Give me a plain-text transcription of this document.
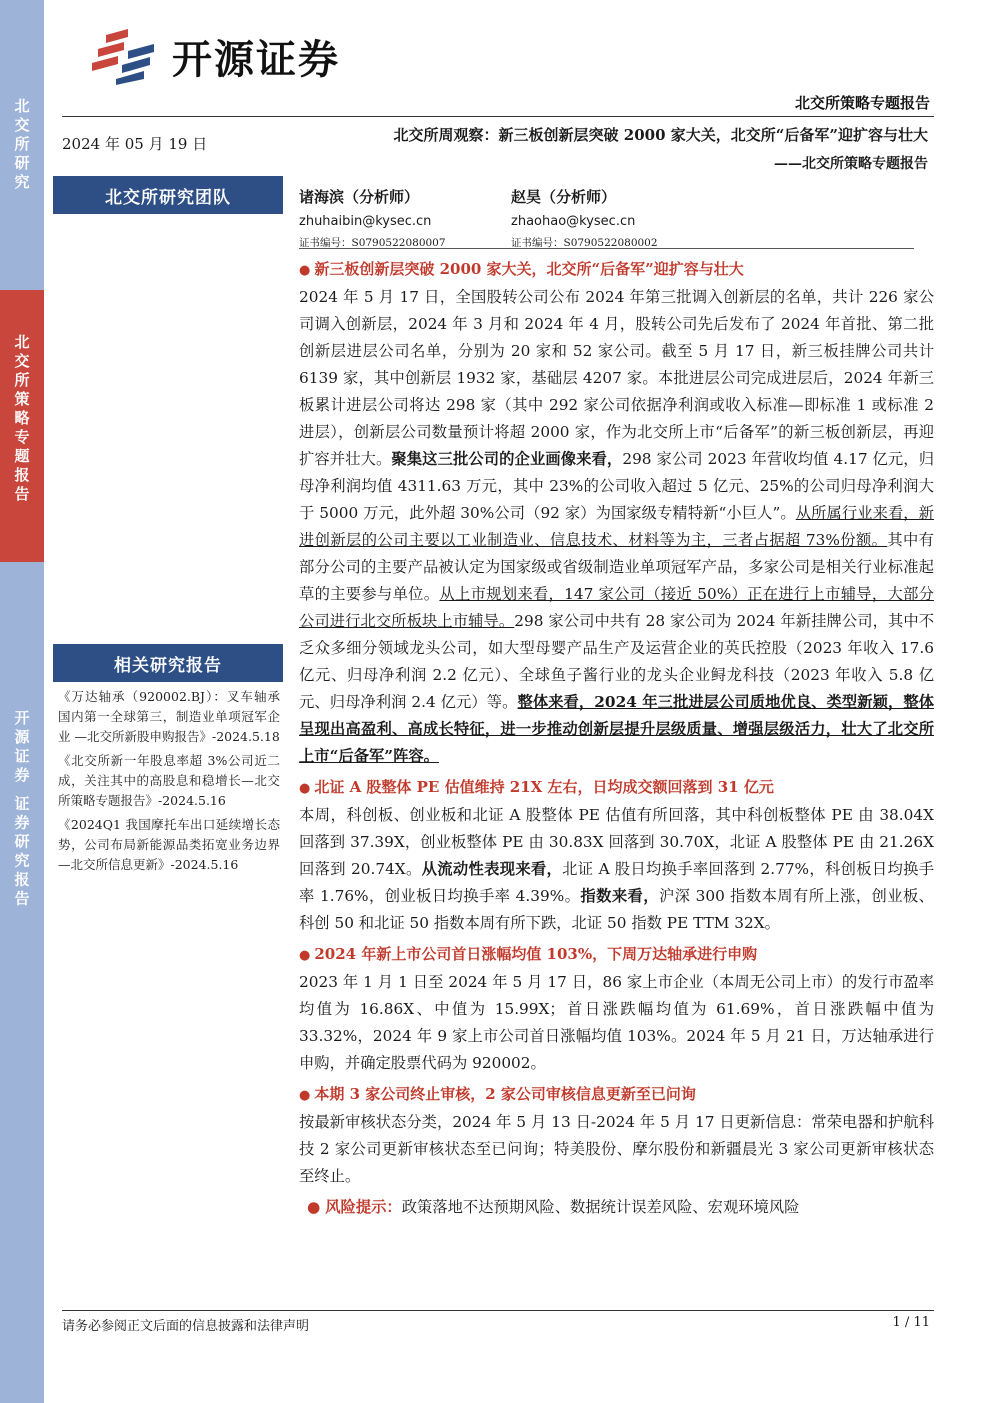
北交所研究
北交所策略专题报告
开源证券 证券研究报告
开源证券
北交所策略专题报告
2024 年 05 月 19 日	北交所周观察：新三板创新层突破 2000 家大关，北交所“后备军”迎扩容与壮大
——北交所策略专题报告
北交所研究团队	诸海滨（分析师）
zhuhaibin@kysec.cn
证书编号：S0790522080007
赵昊（分析师）
zhaohao@kysec.cn
证书编号：S0790522080002
相关研究报告
《万达轴承（920002.BJ）：叉车轴承国内第一全球第三，制造业单项冠军企业 —北交所新股申购报告》-2024.5.18
《北交所新一年股息率超 3%公司近二成，关注其中的高股息和稳增长—北交所策略专题报告》-2024.5.16
《2024Q1 我国摩托车出口延续增长态势，公司布局新能源品类拓宽业务边界—北交所信息更新》-2024.5.16
● 新三板创新层突破 2000 家大关，北交所“后备军”迎扩容与壮大

2024 年 5 月 17 日，全国股转公司公布 2024 年第三批调入创新层的名单，共计 226 家公司调入创新层，2024 年 3 月和 2024 年 4 月，股转公司先后发布了 2024 年首批、第二批创新层进层公司名单，分别为 20 家和 52 家公司。截至 5 月 17 日，新三板挂牌公司共计 6139 家，其中创新层 1932 家，基础层 4207 家。本批进层公司完成进层后，2024 年新三板累计进层公司将达 298 家（其中 292 家公司依据净利润或收入标准—即标准 1 或标准 2 进层），创新层公司数量预计将超 2000 家，作为北交所上市“后备军”的新三板创新层，再迎扩容并壮大。聚集这三批公司的企业画像来看，298 家公司 2023 年营收均值 4.17 亿元，归母净利润均值 4311.63 万元，其中 23%的公司收入超过 5 亿元、25%的公司归母净利润大于 5000 万元，此外超 30%公司（92 家）为国家级专精特新“小巨人”。从所属行业来看，新进创新层的公司主要以工业制造业、信息技术、材料等为主，三者占据超 73%份额。其中有部分公司的主要产品被认定为国家级或省级制造业单项冠军产品，多家公司是相关行业标准起草的主要参与单位。从上市规划来看，147 家公司（接近 50%）正在进行上市辅导，大部分公司进行北交所板块上市辅导。298 家公司中共有 28 家公司为 2024 年新挂牌公司，其中不乏众多细分领域龙头公司，如大型母婴产品生产及运营企业的英氏控股（2023 年收入 17.6 亿元、归母净利润 2.2 亿元）、全球鱼子酱行业的龙头企业鲟龙科技（2023 年收入 5.8 亿元、归母净利润 2.4 亿元）等。整体来看，2024 年三批进层公司质地优良、类型新颖，整体呈现出高盈利、高成长特征，进一步推动创新层提升层级质量、增强层级活力，壮大了北交所上市“后备军”阵容。

● 北证 A 股整体 PE 估值维持 21X 左右，日均成交额回落到 31 亿元

本周，科创板、创业板和北证 A 股整体 PE 估值有所回落，其中科创板整体 PE 由 38.04X 回落到 37.39X，创业板整体 PE 由 30.83X 回落到 30.70X，北证 A 股整体 PE 由 21.26X 回落到 20.74X。从流动性表现来看，北证 A 股日均换手率回落到 2.77%，科创板日均换手率 1.76%，创业板日均换手率 4.39%。指数来看，沪深 300 指数本周有所上涨，创业板、科创 50 和北证 50 指数本周有所下跌，北证 50 指数 PE TTM 32X。

● 2024 年新上市公司首日涨幅均值 103%，下周万达轴承进行申购

2023 年 1 月 1 日至 2024 年 5 月 17 日，86 家上市企业（本周无公司上市）的发行市盈率均值为 16.86X、中值为 15.99X；首日涨跌幅均值为 61.69%，首日涨跌幅中值为 33.32%，2024 年 9 家上市公司首日涨幅均值 103%。2024 年 5 月 21 日，万达轴承进行申购，并确定股票代码为 920002。

● 本期 3 家公司终止审核，2 家公司审核信息更新至已问询

按最新审核状态分类，2024 年 5 月 13 日-2024 年 5 月 17 日更新信息：常荣电器和护航科技 2 家公司更新审核状态至已问询；特美股份、摩尔股份和新疆晨光 3 家公司更新审核状态至终止。

● 风险提示：政策落地不达预期风险、数据统计误差风险、宏观环境风险
请务必参阅正文后面的信息披露和法律声明	1 / 11
